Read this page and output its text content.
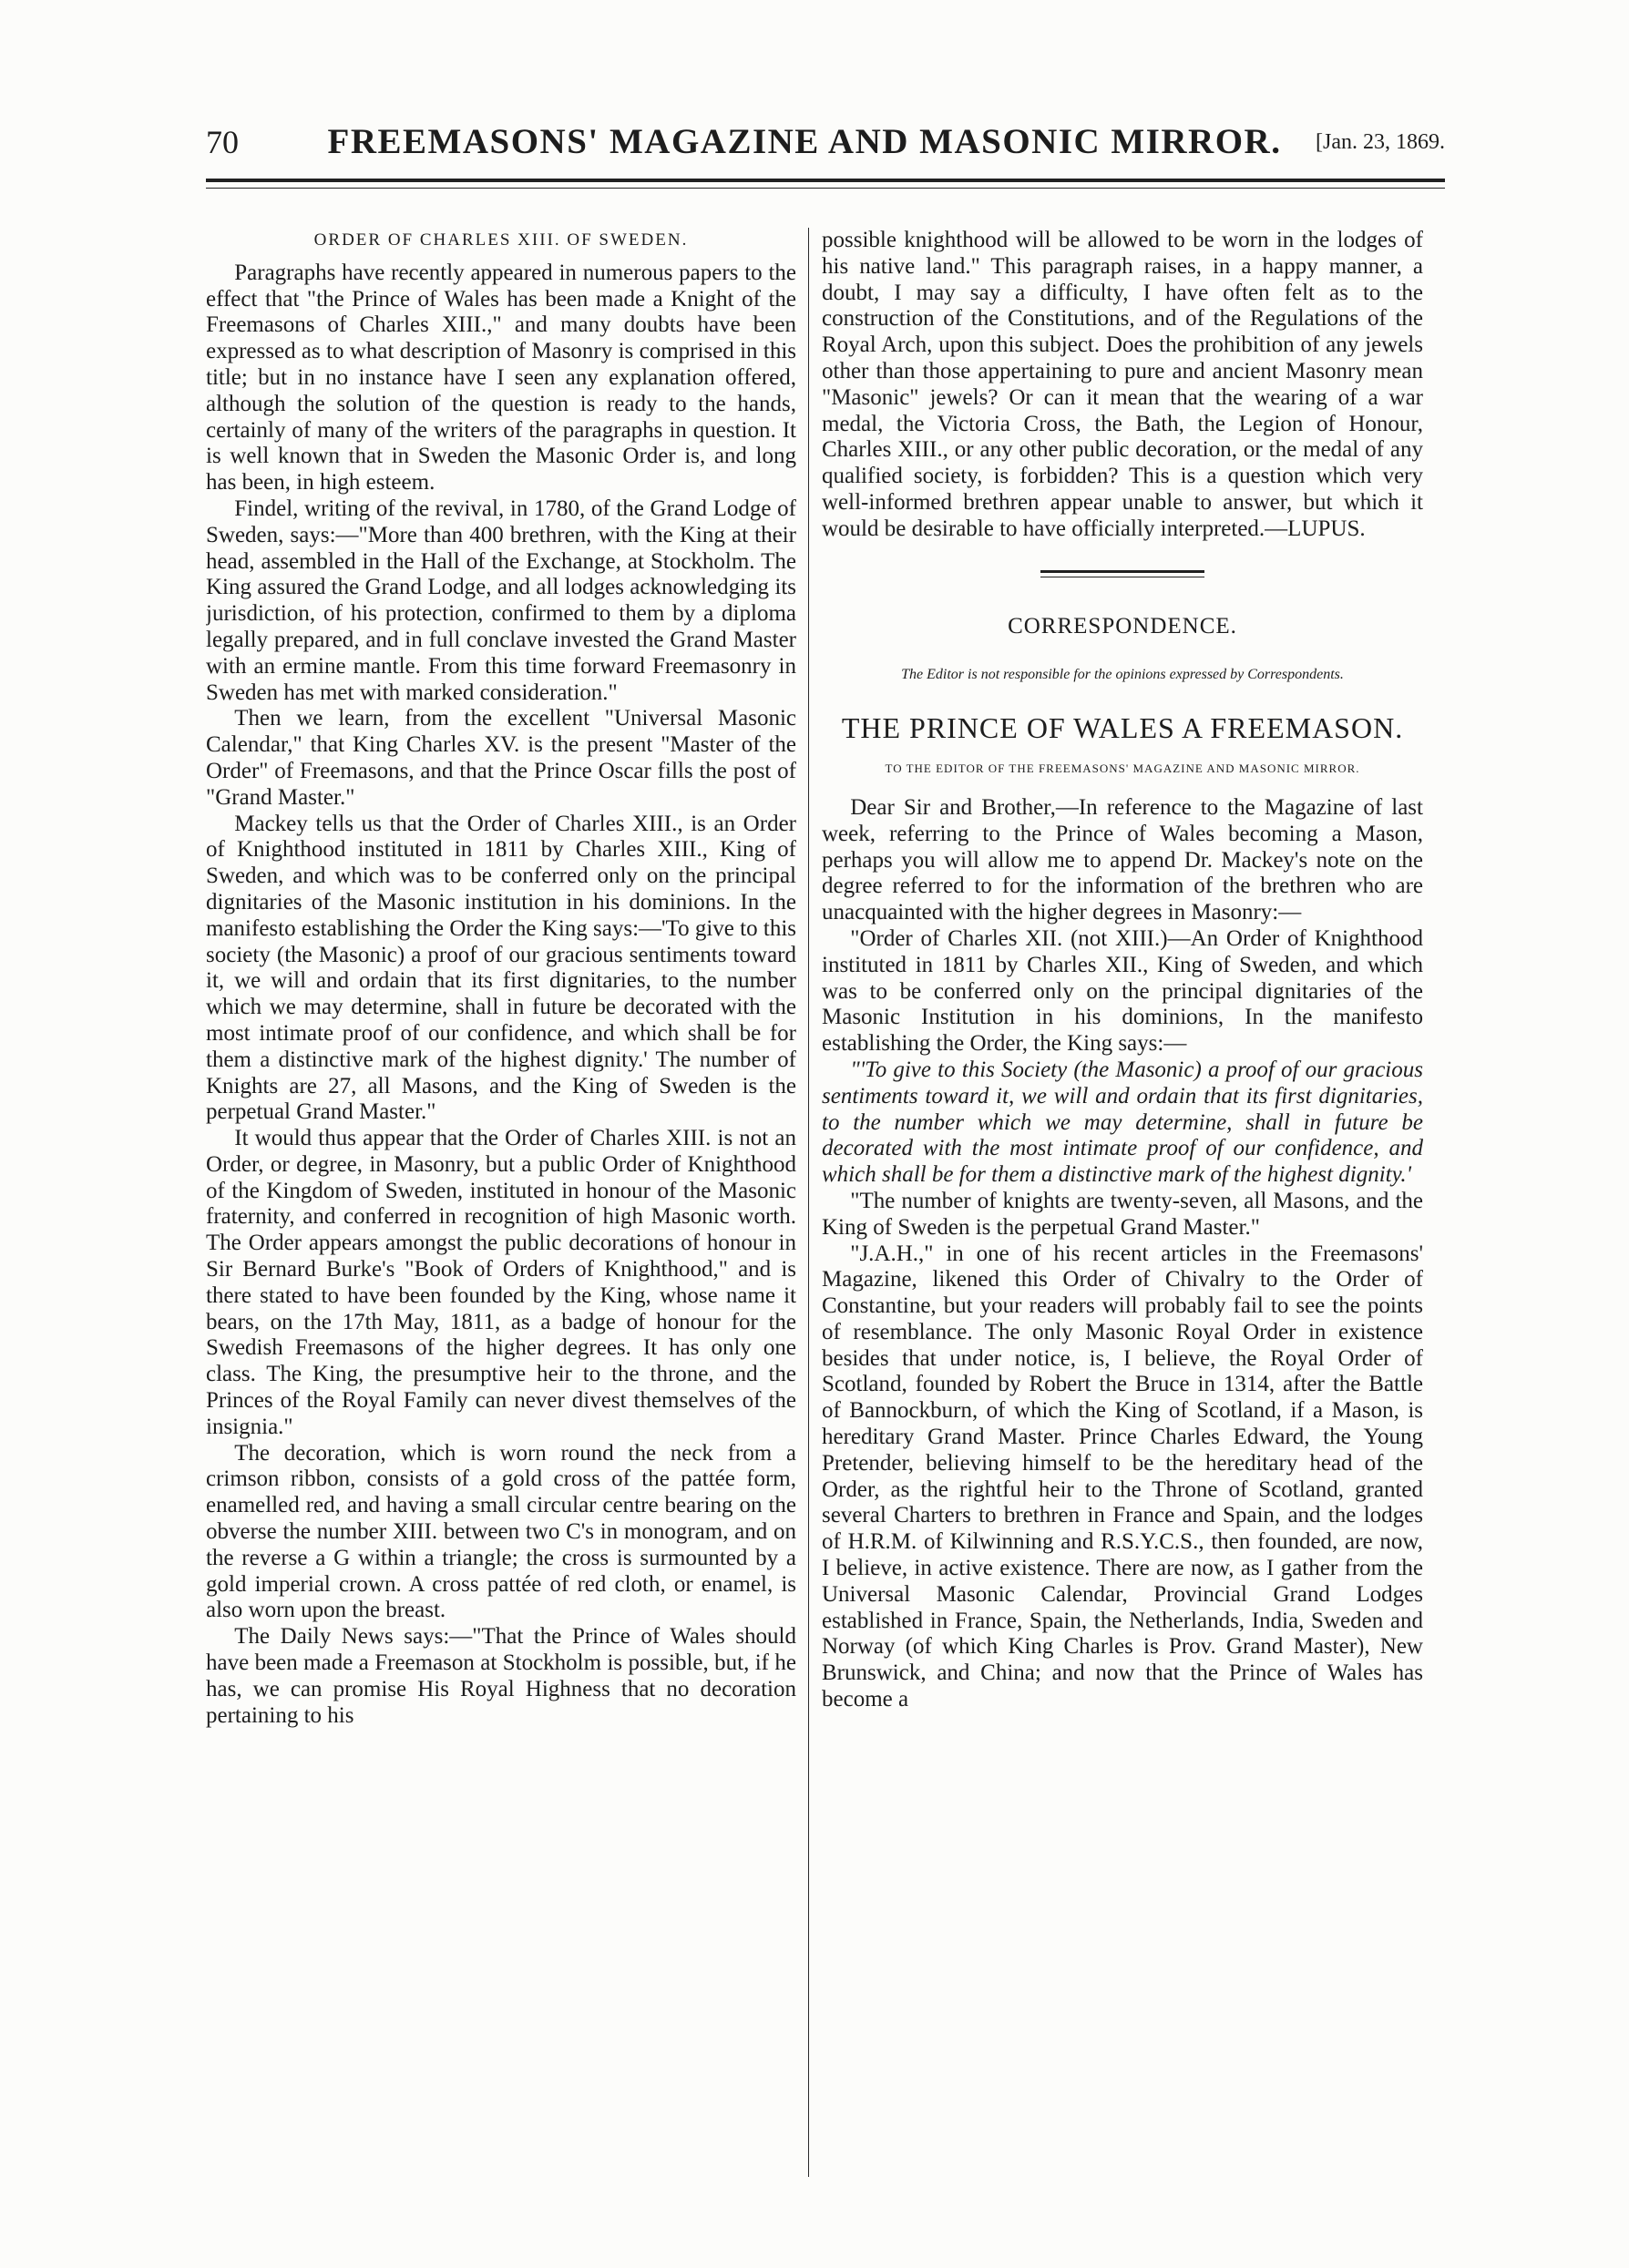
70	FREEMASONS' MAGAZINE AND MASONIC MIRROR.	[Jan. 23, 1869.
ORDER OF CHARLES XIII. OF SWEDEN.

Paragraphs have recently appeared in numerous papers to the effect that "the Prince of Wales has been made a Knight of the Freemasons of Charles XIII.," and many doubts have been expressed as to what description of Masonry is comprised in this title; but in no instance have I seen any explanation offered, although the solution of the question is ready to the hands, certainly of many of the writers of the paragraphs in question. It is well known that in Sweden the Masonic Order is, and long has been, in high esteem.

Findel, writing of the revival, in 1780, of the Grand Lodge of Sweden, says:—"More than 400 brethren, with the King at their head, assembled in the Hall of the Exchange, at Stockholm. The King assured the Grand Lodge, and all lodges acknowledging its jurisdiction, of his protection, confirmed to them by a diploma legally prepared, and in full conclave invested the Grand Master with an ermine mantle. From this time forward Freemasonry in Sweden has met with marked consideration."

Then we learn, from the excellent "Universal Masonic Calendar," that King Charles XV. is the present "Master of the Order" of Freemasons, and that the Prince Oscar fills the post of "Grand Master."

Mackey tells us that the Order of Charles XIII., is an Order of Knighthood instituted in 1811 by Charles XIII., King of Sweden, and which was to be conferred only on the principal dignitaries of the Masonic institution in his dominions. In the manifesto establishing the Order the King says:—'To give to this society (the Masonic) a proof of our gracious sentiments toward it, we will and ordain that its first dignitaries, to the number which we may determine, shall in future be decorated with the most intimate proof of our confidence, and which shall be for them a distinctive mark of the highest dignity.' The number of Knights are 27, all Masons, and the King of Sweden is the perpetual Grand Master."

It would thus appear that the Order of Charles XIII. is not an Order, or degree, in Masonry, but a public Order of Knighthood of the Kingdom of Sweden, instituted in honour of the Masonic fraternity, and conferred in recognition of high Masonic worth. The Order appears amongst the public decorations of honour in Sir Bernard Burke's "Book of Orders of Knighthood," and is there stated to have been founded by the King, whose name it bears, on the 17th May, 1811, as a badge of honour for the Swedish Freemasons of the higher degrees. It has only one class. The King, the presumptive heir to the throne, and the Princes of the Royal Family can never divest themselves of the insignia."

The decoration, which is worn round the neck from a crimson ribbon, consists of a gold cross of the pattée form, enamelled red, and having a small circular centre bearing on the obverse the number XIII. between two C's in monogram, and on the reverse a G within a triangle; the cross is surmounted by a gold imperial crown. A cross pattée of red cloth, or enamel, is also worn upon the breast.

The Daily News says:—"That the Prince of Wales should have been made a Freemason at Stockholm is possible, but, if he has, we can promise His Royal Highness that no decoration pertaining to his

possible knighthood will be allowed to be worn in the lodges of his native land." This paragraph raises, in a happy manner, a doubt, I may say a difficulty, I have often felt as to the construction of the Constitutions, and of the Regulations of the Royal Arch, upon this subject. Does the prohibition of any jewels other than those appertaining to pure and ancient Masonry mean "Masonic" jewels? Or can it mean that the wearing of a war medal, the Victoria Cross, the Bath, the Legion of Honour, Charles XIII., or any other public decoration, or the medal of any qualified society, is forbidden? This is a question which very well-informed brethren appear unable to answer, but which it would be desirable to have officially interpreted.—LUPUS.

CORRESPONDENCE.
The Editor is not responsible for the opinions expressed by Correspondents.
THE PRINCE OF WALES A FREEMASON.
TO THE EDITOR OF THE FREEMASONS' MAGAZINE AND MASONIC MIRROR.

Dear Sir and Brother,—In reference to the Magazine of last week, referring to the Prince of Wales becoming a Mason, perhaps you will allow me to append Dr. Mackey's note on the degree referred to for the information of the brethren who are unacquainted with the higher degrees in Masonry:—

"Order of Charles XII. (not XIII.)—An Order of Knighthood instituted in 1811 by Charles XII., King of Sweden, and which was to be conferred only on the principal dignitaries of the Masonic Institution in his dominions, In the manifesto establishing the Order, the King says:—

"'To give to this Society (the Masonic) a proof of our gracious sentiments toward it, we will and ordain that its first dignitaries, to the number which we may determine, shall in future be decorated with the most intimate proof of our confidence, and which shall be for them a distinctive mark of the highest dignity.'

"The number of knights are twenty-seven, all Masons, and the King of Sweden is the perpetual Grand Master."

"J.A.H.," in one of his recent articles in the Freemasons' Magazine, likened this Order of Chivalry to the Order of Constantine, but your readers will probably fail to see the points of resemblance. The only Masonic Royal Order in existence besides that under notice, is, I believe, the Royal Order of Scotland, founded by Robert the Bruce in 1314, after the Battle of Bannockburn, of which the King of Scotland, if a Mason, is hereditary Grand Master. Prince Charles Edward, the Young Pretender, believing himself to be the hereditary head of the Order, as the rightful heir to the Throne of Scotland, granted several Charters to brethren in France and Spain, and the lodges of H.R.M. of Kilwinning and R.S.Y.C.S., then founded, are now, I believe, in active existence. There are now, as I gather from the Universal Masonic Calendar, Provincial Grand Lodges established in France, Spain, the Netherlands, India, Sweden and Norway (of which King Charles is Prov. Grand Master), New Brunswick, and China; and now that the Prince of Wales has become a
